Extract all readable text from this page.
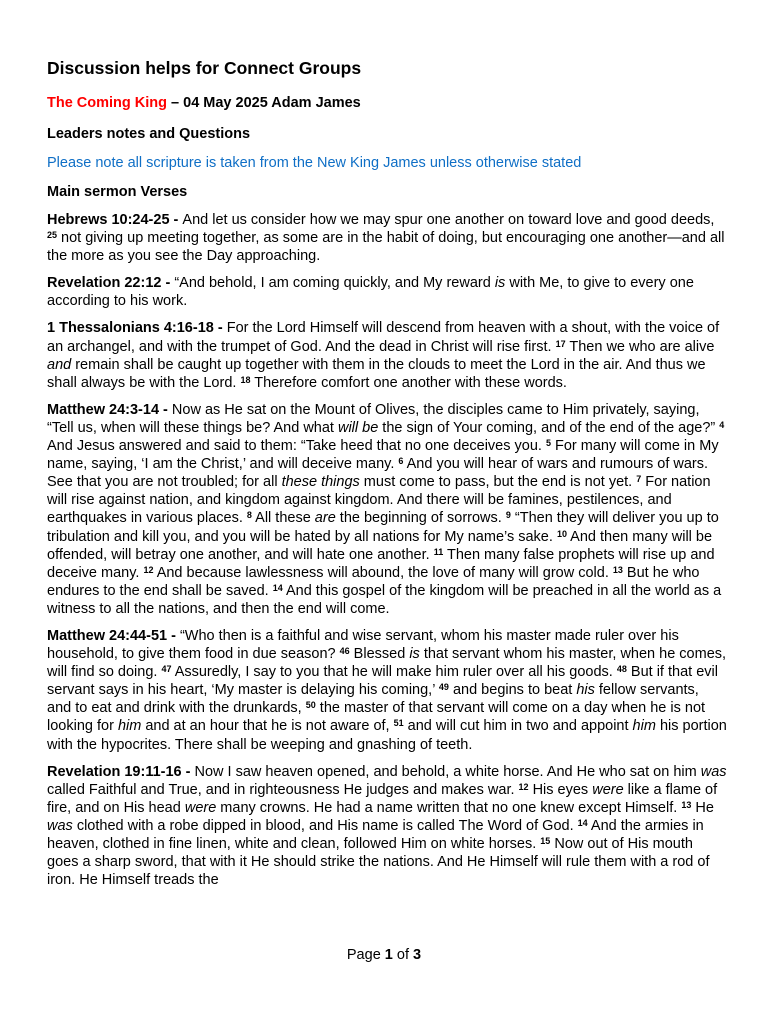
Discussion helps for Connect Groups
The Coming King – 04 May 2025 Adam James
Leaders notes and Questions
Please note all scripture is taken from the New King James unless otherwise stated
Main sermon Verses

Hebrews 10:24-25 - And let us consider how we may spur one another on toward love and good deeds, $^{25}$ not giving up meeting together, as some are in the habit of doing, but encouraging one another—and all the more as you see the Day approaching.

Revelation 22:12 - “And behold, I am coming quickly, and My reward is with Me, to give to every one according to his work.

1 Thessalonians 4:16-18 - For the Lord Himself will descend from heaven with a shout, with the voice of an archangel, and with the trumpet of God. And the dead in Christ will rise first. $^{17}$ Then we who are alive and remain shall be caught up together with them in the clouds to meet the Lord in the air. And thus we shall always be with the Lord. $^{18}$ Therefore comfort one another with these words.

Matthew 24:3-14 - Now as He sat on the Mount of Olives, the disciples came to Him privately, saying, “Tell us, when will these things be? And what will be the sign of Your coming, and of the end of the age?” $^4$ And Jesus answered and said to them: “Take heed that no one deceives you. $^5$ For many will come in My name, saying, ‘I am the Christ,’ and will deceive many. $^6$ And you will hear of wars and rumours of wars. See that you are not troubled; for all these things must come to pass, but the end is not yet. $^7$ For nation will rise against nation, and kingdom against kingdom. And there will be famines, pestilences, and earthquakes in various places. $^8$ All these are the beginning of sorrows. $^9$ “Then they will deliver you up to tribulation and kill you, and you will be hated by all nations for My name’s sake. $^{10}$ And then many will be offended, will betray one another, and will hate one another. $^{11}$ Then many false prophets will rise up and deceive many. $^{12}$ And because lawlessness will abound, the love of many will grow cold. $^{13}$ But he who endures to the end shall be saved. $^{14}$ And this gospel of the kingdom will be preached in all the world as a witness to all the nations, and then the end will come.

Matthew 24:44-51 - “Who then is a faithful and wise servant, whom his master made ruler over his household, to give them food in due season? $^{46}$ Blessed is that servant whom his master, when he comes, will find so doing. $^{47}$ Assuredly, I say to you that he will make him ruler over all his goods. $^{48}$ But if that evil servant says in his heart, ‘My master is delaying his coming,’ $^{49}$ and begins to beat his fellow servants, and to eat and drink with the drunkards, $^{50}$ the master of that servant will come on a day when he is not looking for him and at an hour that he is not aware of, $^{51}$ and will cut him in two and appoint him his portion with the hypocrites. There shall be weeping and gnashing of teeth.

Revelation 19:11-16 - Now I saw heaven opened, and behold, a white horse. And He who sat on him was called Faithful and True, and in righteousness He judges and makes war. $^{12}$ His eyes were like a flame of fire, and on His head were many crowns. He had a name written that no one knew except Himself. $^{13}$ He was clothed with a robe dipped in blood, and His name is called The Word of God. $^{14}$ And the armies in heaven, clothed in fine linen, white and clean, followed Him on white horses. $^{15}$ Now out of His mouth goes a sharp sword, that with it He should strike the nations. And He Himself will rule them with a rod of iron. He Himself treads the

Page 1 of 3
